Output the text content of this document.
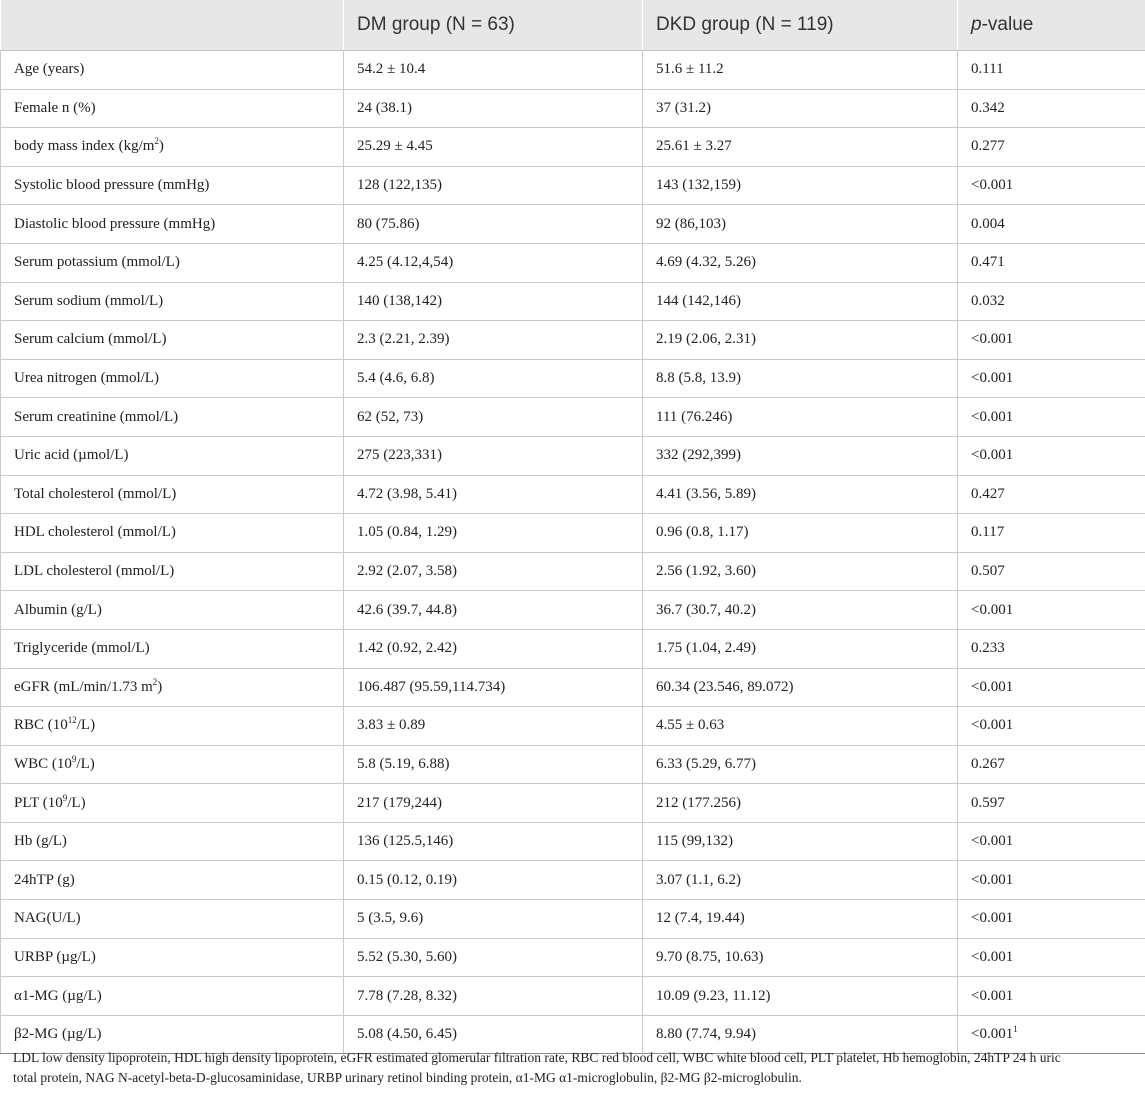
	DM group (N = 63)	DKD group (N = 119)	p-value
Age (years)	54.2 ± 10.4	51.6 ± 11.2	0.111
Female n (%)	24 (38.1)	37 (31.2)	0.342
body mass index $(kg/m^2)$	25.29 ± 4.45	25.61 ± 3.27	0.277
Systolic blood pressure (mmHg)	128 (122,135)	143 (132,159)	<0.001
Diastolic blood pressure (mmHg)	80 (75.86)	92 (86,103)	0.004
Serum potassium (mmol/L)	4.25 (4.12,4,54)	4.69 (4.32, 5.26)	0.471
Serum sodium (mmol/L)	140 (138,142)	144 (142,146)	0.032
Serum calcium (mmol/L)	2.3 (2.21, 2.39)	2.19 (2.06, 2.31)	<0.001
Urea nitrogen (mmol/L)	5.4 (4.6, 6.8)	8.8 (5.8, 13.9)	<0.001
Serum creatinine (mmol/L)	62 (52, 73)	111 (76.246)	<0.001
Uric acid (µmol/L)	275 (223,331)	332 (292,399)	<0.001
Total cholesterol (mmol/L)	4.72 (3.98, 5.41)	4.41 (3.56, 5.89)	0.427
HDL cholesterol (mmol/L)	1.05 (0.84, 1.29)	0.96 (0.8, 1.17)	0.117
LDL cholesterol (mmol/L)	2.92 (2.07, 3.58)	2.56 (1.92, 3.60)	0.507
Albumin (g/L)	42.6 (39.7, 44.8)	36.7 (30.7, 40.2)	<0.001
Triglyceride (mmol/L)	1.42 (0.92, 2.42)	1.75 (1.04, 2.49)	0.233
eGFR (mL/min/1.73 $m^2$)	106.487 (95.59,114.734)	60.34 (23.546, 89.072)	<0.001
RBC $(10^{12}/L)$	3.83 ± 0.89	4.55 ± 0.63	<0.001
WBC $(10^9/L)$	5.8 (5.19, 6.88)	6.33 (5.29, 6.77)	0.267
PLT $(10^9/L)$	217 (179,244)	212 (177.256)	0.597
Hb (g/L)	136 (125.5,146)	115 (99,132)	<0.001
24hTP (g)	0.15 (0.12, 0.19)	3.07 (1.1, 6.2)	<0.001
NAG(U/L)	5 (3.5, 9.6)	12 (7.4, 19.44)	<0.001
URBP (µg/L)	5.52 (5.30, 5.60)	9.70 (8.75, 10.63)	<0.001
α1-MG (µg/L)	7.78 (7.28, 8.32)	10.09 (9.23, 11.12)	<0.001
β2-MG (µg/L)	5.08 (4.50, 6.45)	8.80 (7.74, 9.94)	$<0.001^1$
LDL low density lipoprotein, HDL high density lipoprotein, eGFR estimated glomerular filtration rate, RBC red blood cell, WBC white blood cell, PLT platelet, Hb hemoglobin, 24hTP 24 h uric
total protein, NAG N-acetyl-beta-D-glucosaminidase, URBP urinary retinol binding protein, α1-MG α1-microglobulin, β2-MG β2-microglobulin.
